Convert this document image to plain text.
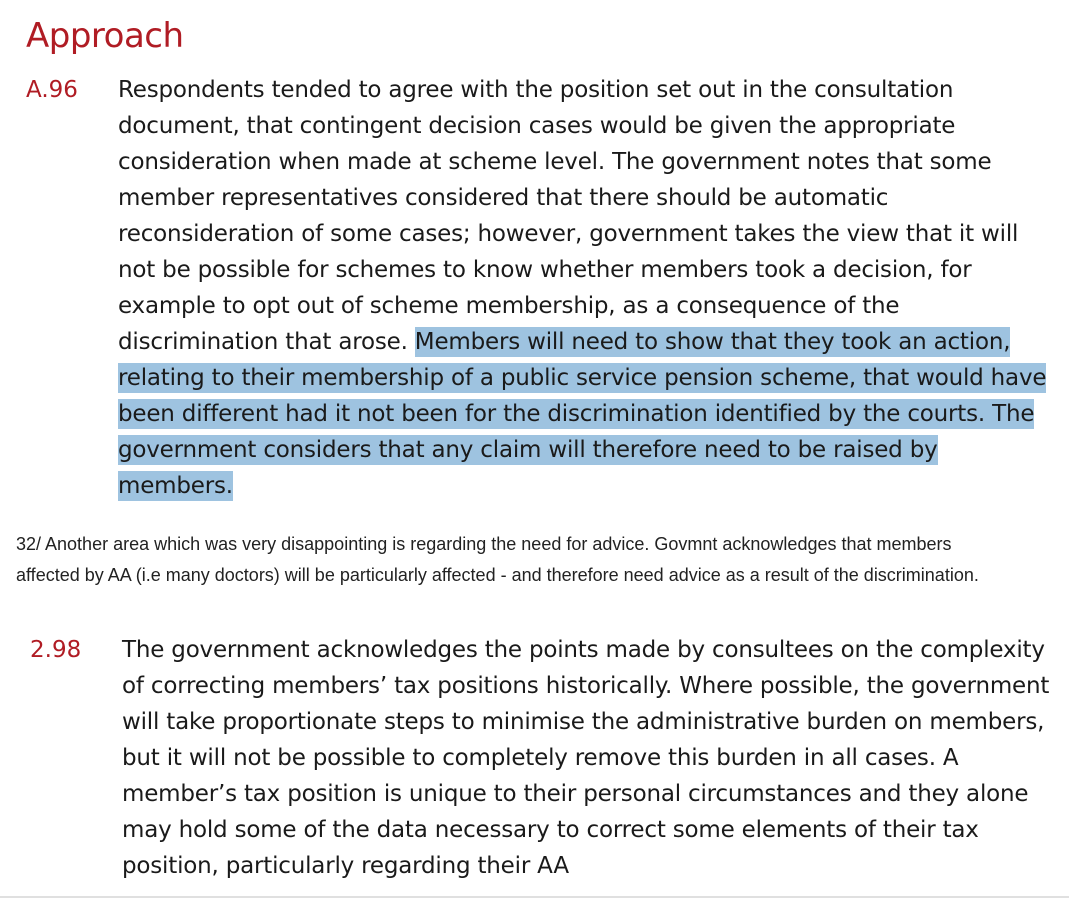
Approach
A.96 Respondents tended to agree with the position set out in the consultation document, that contingent decision cases would be given the appropriate consideration when made at scheme level. The government notes that some member representatives considered that there should be automatic reconsideration of some cases; however, government takes the view that it will not be possible for schemes to know whether members took a decision, for example to opt out of scheme membership, as a consequence of the discrimination that arose. Members will need to show that they took an action, relating to their membership of a public service pension scheme, that would have been different had it not been for the discrimination identified by the courts. The government considers that any claim will therefore need to be raised by members.
32/ Another area which was very disappointing is regarding the need for advice. Govmnt acknowledges that members affected by AA (i.e many doctors) will be particularly affected - and therefore need advice as a result of the discrimination.
2.98 The government acknowledges the points made by consultees on the complexity of correcting members’ tax positions historically. Where possible, the government will take proportionate steps to minimise the administrative burden on members, but it will not be possible to completely remove this burden in all cases. A member’s tax position is unique to their personal circumstances and they alone may hold some of the data necessary to correct some elements of their tax position, particularly regarding their AA
